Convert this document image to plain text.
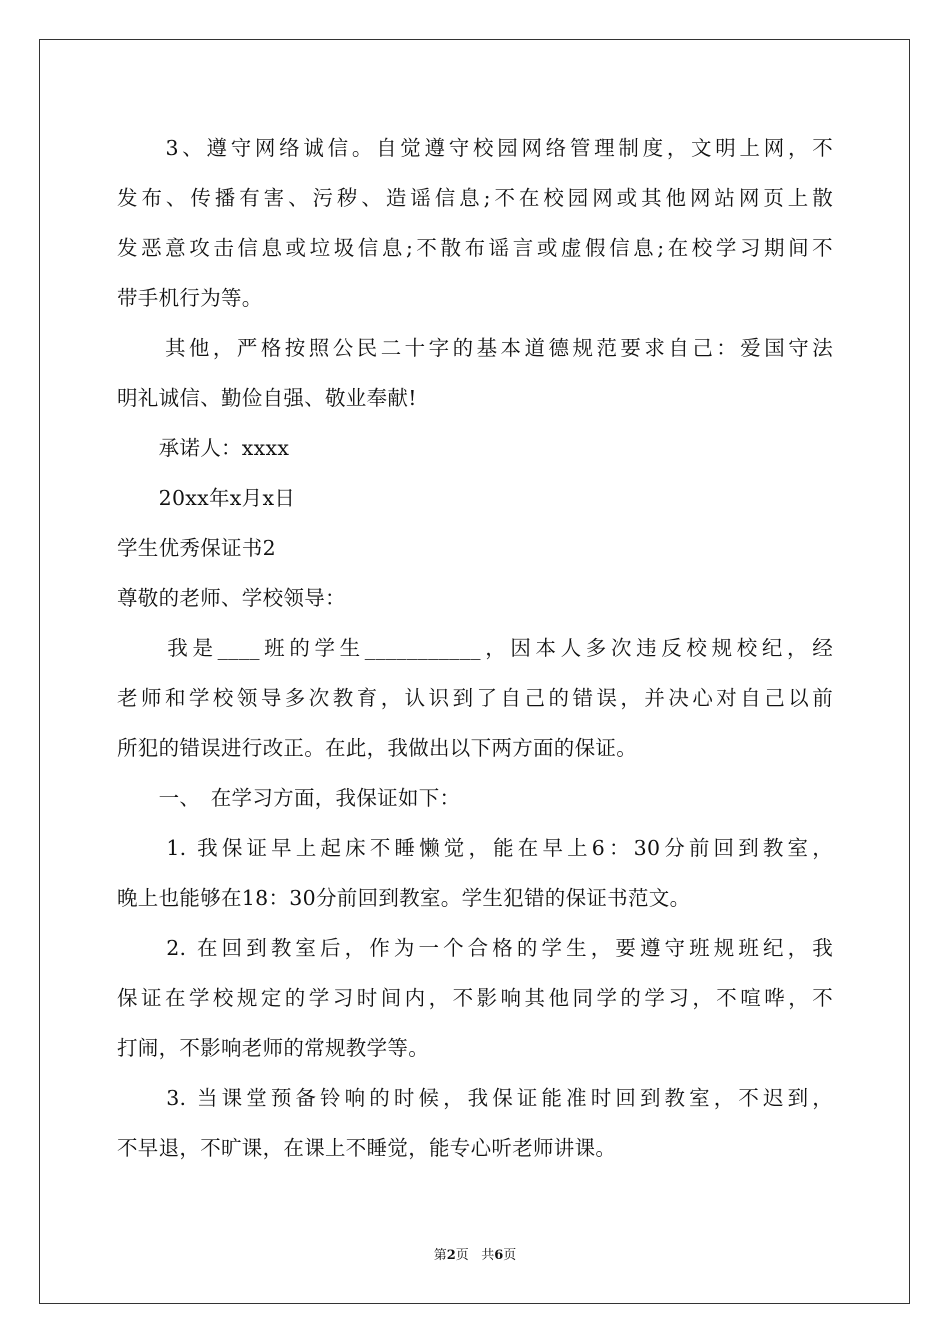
　　3、遵守网络诚信。自觉遵守校园网络管理制度，文明上网，不
发布、传播有害、污秽、造谣信息;不在校园网或其他网站网页上散
发恶意攻击信息或垃圾信息;不散布谣言或虚假信息;在校学习期间不
带手机行为等。
　　其他，严格按照公民二十字的基本道德规范要求自己：爱国守法
明礼诚信、勤俭自强、敬业奉献!
　　承诺人：xxxx
　　20xx年x月x日
学生优秀保证书2
尊敬的老师、学校领导：
　　我是____班的学生___________，因本人多次违反校规校纪，经
老师和学校领导多次教育，认识到了自己的错误，并决心对自己以前
所犯的错误进行改正。在此，我做出以下两方面的保证。
　　一、　在学习方面，我保证如下：
　　1. 我保证早上起床不睡懒觉，能在早上6：30分前回到教室，
晚上也能够在18：30分前回到教室。学生犯错的保证书范文。
　　2. 在回到教室后，作为一个合格的学生，要遵守班规班纪，我
保证在学校规定的学习时间内，不影响其他同学的学习，不喧哗，不
打闹，不影响老师的常规教学等。
　　3. 当课堂预备铃响的时候，我保证能准时回到教室，不迟到，
不早退，不旷课，在课上不睡觉，能专心听老师讲课。
第2页 共6页
